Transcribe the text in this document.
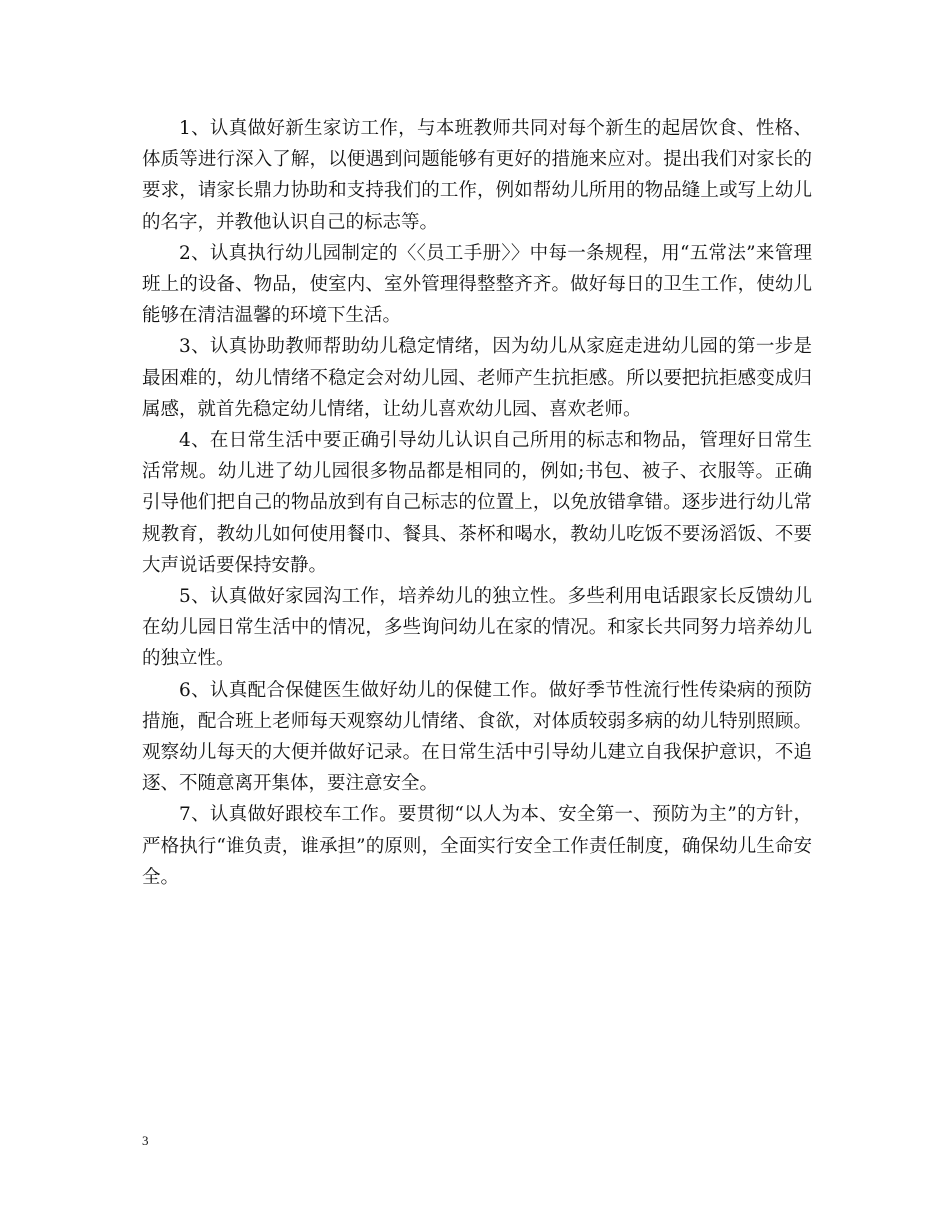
1、认真做好新生家访工作，与本班教师共同对每个新生的起居饮食、性格、体质等进行深入了解，以便遇到问题能够有更好的措施来应对。提出我们对家长的要求，请家长鼎力协助和支持我们的工作，例如帮幼儿所用的物品缝上或写上幼儿的名字，并教他认识自己的标志等。

2、认真执行幼儿园制定的〈〈员工手册〉〉中每一条规程，用“五常法”来管理班上的设备、物品，使室内、室外管理得整整齐齐。做好每日的卫生工作，使幼儿能够在清洁温馨的环境下生活。

3、认真协助教师帮助幼儿稳定情绪，因为幼儿从家庭走进幼儿园的第一步是最困难的，幼儿情绪不稳定会对幼儿园、老师产生抗拒感。所以要把抗拒感变成归属感，就首先稳定幼儿情绪，让幼儿喜欢幼儿园、喜欢老师。

4、在日常生活中要正确引导幼儿认识自己所用的标志和物品，管理好日常生活常规。幼儿进了幼儿园很多物品都是相同的，例如;书包、被子、衣服等。正确引导他们把自己的物品放到有自己标志的位置上，以免放错拿错。逐步进行幼儿常规教育，教幼儿如何使用餐巾、餐具、茶杯和喝水，教幼儿吃饭不要汤滔饭、不要大声说话要保持安静。

5、认真做好家园沟工作，培养幼儿的独立性。多些利用电话跟家长反馈幼儿在幼儿园日常生活中的情况，多些询问幼儿在家的情况。和家长共同努力培养幼儿的独立性。

6、认真配合保健医生做好幼儿的保健工作。做好季节性流行性传染病的预防措施，配合班上老师每天观察幼儿情绪、食欲，对体质较弱多病的幼儿特别照顾。观察幼儿每天的大便并做好记录。在日常生活中引导幼儿建立自我保护意识，不追逐、不随意离开集体，要注意安全。

7、认真做好跟校车工作。要贯彻“以人为本、安全第一、预防为主”的方针，严格执行“谁负责，谁承担”的原则，全面实行安全工作责任制度，确保幼儿生命安全。

3
